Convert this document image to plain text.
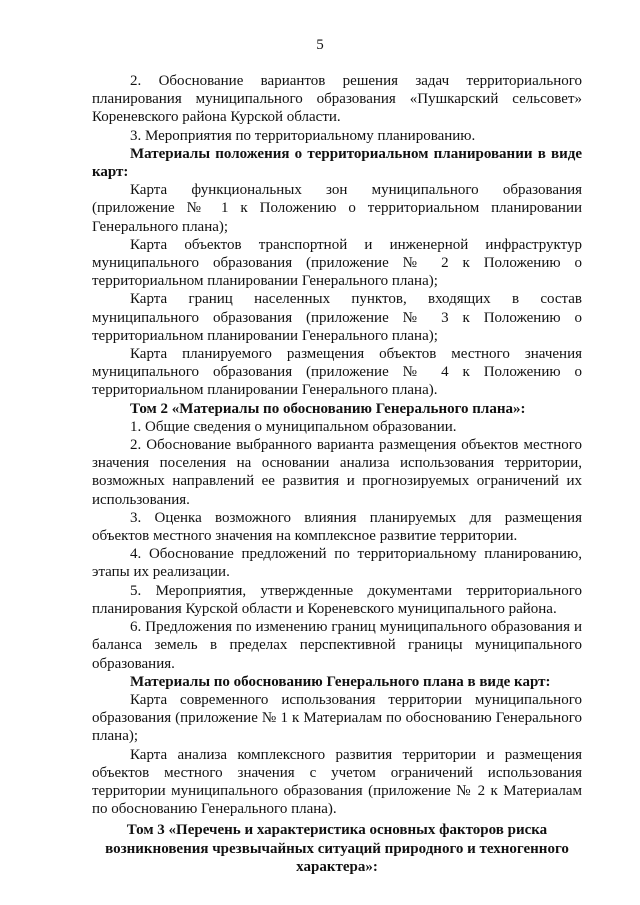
5

2. Обоснование вариантов решения задач территориального планирования муниципального образования «Пушкарский сельсовет» Кореневского района Курской области.

3. Мероприятия по территориальному планированию.

Материалы положения о территориальном планировании в виде карт:

Карта функциональных зон муниципального образования (приложение № 1 к Положению о территориальном планировании Генерального плана);

Карта объектов транспортной и инженерной инфраструктур муниципального образования (приложение № 2 к Положению о территориальном планировании Генерального плана);

Карта границ населенных пунктов, входящих в состав муниципального образования (приложение № 3 к Положению о территориальном планировании Генерального плана);

Карта планируемого размещения объектов местного значения муниципального образования (приложение № 4 к Положению о территориальном планировании Генерального плана).

Том 2 «Материалы по обоснованию Генерального плана»:

1. Общие сведения о муниципальном образовании.

2. Обоснование выбранного варианта размещения объектов местного значения поселения на основании анализа использования территории, возможных направлений ее развития и прогнозируемых ограничений их использования.

3. Оценка возможного влияния планируемых для размещения объектов местного значения на комплексное развитие территории.

4. Обоснование предложений по территориальному планированию, этапы их реализации.

5. Мероприятия, утвержденные документами территориального планирования Курской области и Кореневского муниципального района.

6. Предложения по изменению границ муниципального образования и баланса земель в пределах перспективной границы муниципального образования.

Материалы по обоснованию Генерального плана в виде карт:

Карта современного использования территории муниципального образования (приложение № 1 к Материалам по обоснованию Генерального плана);

Карта анализа комплексного развития территории и размещения объектов местного значения с учетом ограничений использования территории муниципального образования (приложение № 2 к Материалам по обоснованию Генерального плана).

Том 3 «Перечень и характеристика основных факторов риска возникновения чрезвычайных ситуаций природного и техногенного характера»:
